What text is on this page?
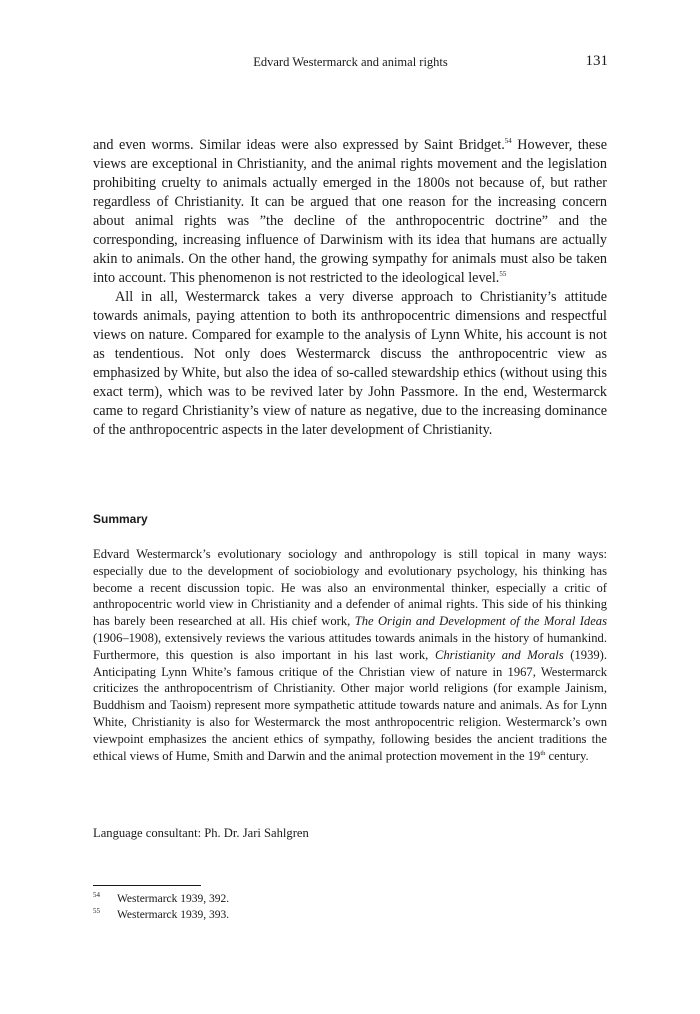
Edvard Westermarck and animal rights	131

and even worms. Similar ideas were also expressed by Saint Bridget.$^{54}$ However, these views are exceptional in Christianity, and the animal rights movement and the legislation prohibiting cruelty to animals actually emerged in the 1800s not because of, but rather regardless of Christianity. It can be argued that one reason for the increasing concern about animal rights was ”the decline of the anthropocentric doctrine” and the corresponding, increasing influence of Darwinism with its idea that humans are actually akin to animals. On the other hand, the growing sympathy for animals must also be taken into account. This phenomenon is not restricted to the ideological level.$^{55}$

All in all, Westermarck takes a very diverse approach to Christianity’s attitude towards animals, paying attention to both its anthropocentric dimensions and respectful views on nature. Compared for example to the analysis of Lynn White, his account is not as tendentious. Not only does Westermarck discuss the anthropocentric view as emphasized by White, but also the idea of so-called stewardship ethics (without using this exact term), which was to be revived later by John Passmore. In the end, Westermarck came to regard Christianity’s view of nature as negative, due to the increasing dominance of the anthropocentric aspects in the later development of Christianity.

Summary

Edvard Westermarck’s evolutionary sociology and anthropology is still topical in many ways: especially due to the development of sociobiology and evolutionary psychology, his thinking has become a recent discussion topic. He was also an environmental thinker, especially a critic of anthropocentric world view in Christianity and a defender of animal rights. This side of his thinking has barely been researched at all. His chief work, The Origin and Development of the Moral Ideas (1906–1908), extensively reviews the various attitudes towards animals in the history of humankind. Furthermore, this question is also important in his last work, Christianity and Morals (1939). Anticipating Lynn White’s famous critique of the Christian view of nature in 1967, Westermarck criticizes the anthropocentrism of Christianity. Other major world religions (for example Jainism, Buddhism and Taoism) represent more sympathetic attitude towards nature and animals. As for Lynn White, Christianity is also for Westermarck the most anthropocentric religion. Westermarck’s own viewpoint emphasizes the ancient ethics of sympathy, following besides the ancient traditions the ethical views of Hume, Smith and Darwin and the animal protection movement in the 19th century.

Language consultant: Ph. Dr. Jari Sahlgren
54 Westermarck 1939, 392.
55 Westermarck 1939, 393.
